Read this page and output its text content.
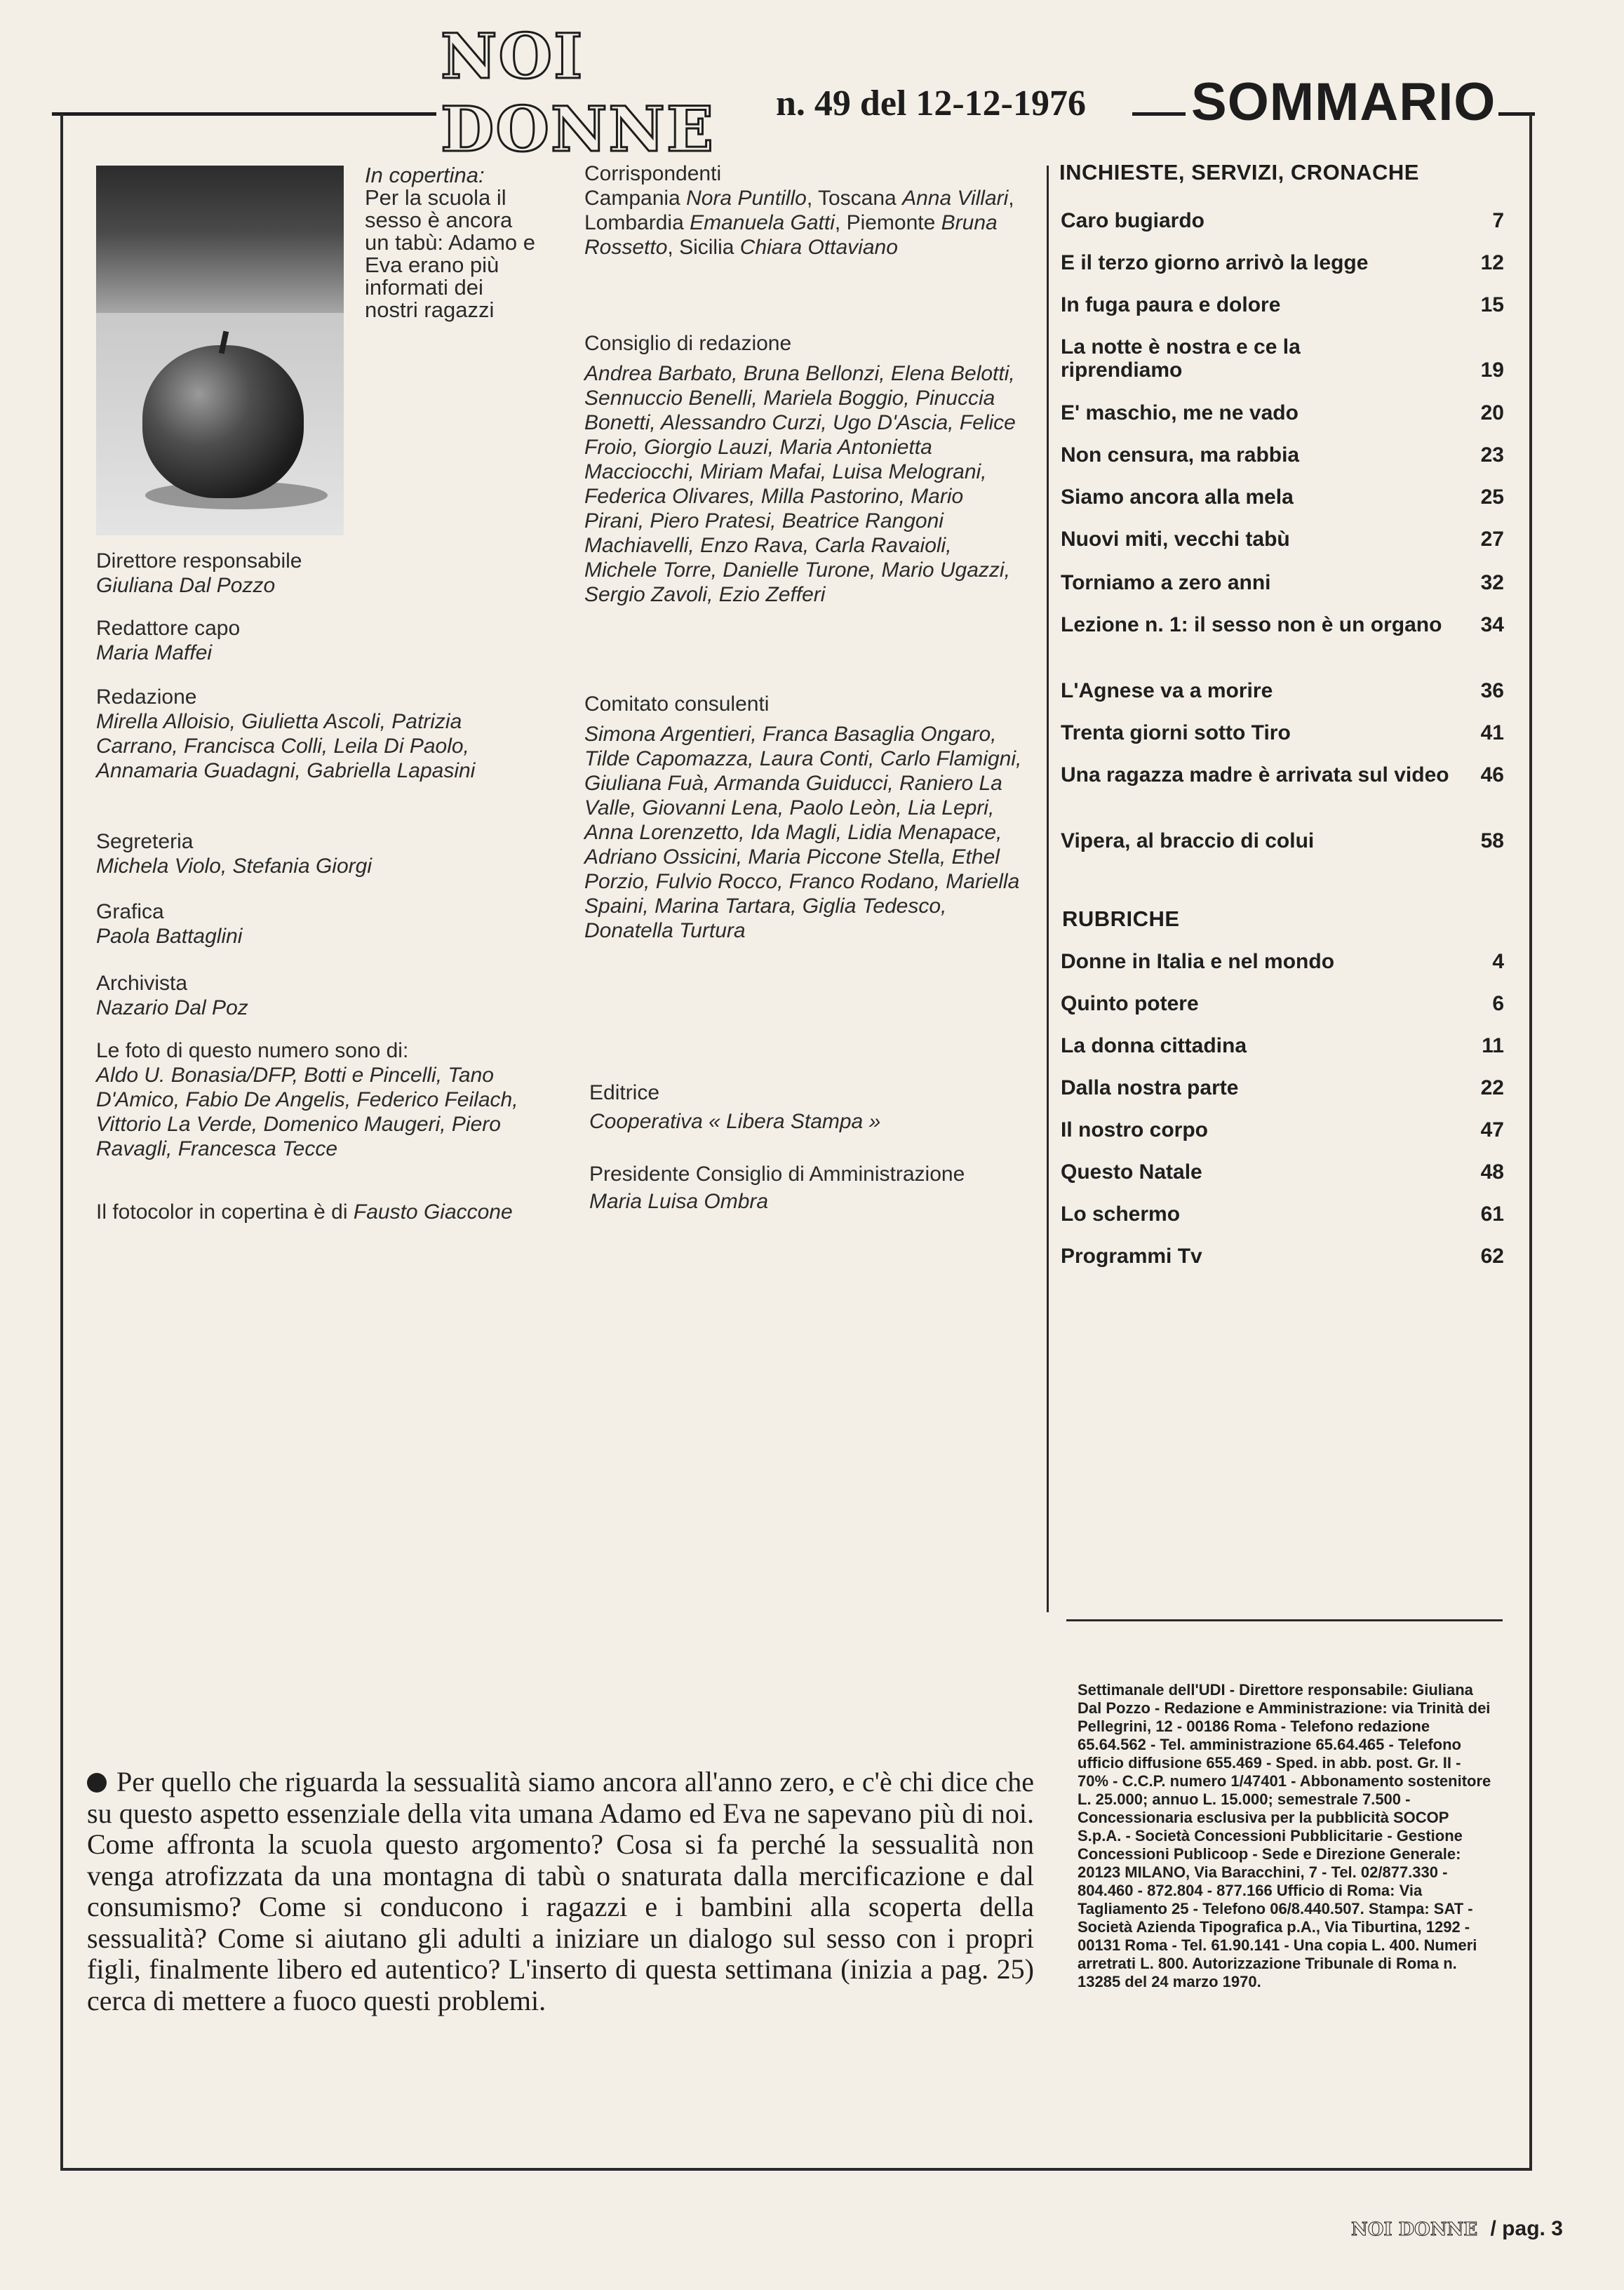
NOI DONNE	n. 49 del 12-12-1976 SOMMARIO
In copertina:
Per la scuola il sesso è ancora un tabù: Adamo e Eva erano più informati dei nostri ragazzi
Direttore responsabile
Giuliana Dal Pozzo
Redattore capo
Maria Maffei
Redazione
Mirella Alloisio, Giulietta Ascoli, Patrizia Carrano, Francisca Colli, Leila Di Paolo, Annamaria Guadagni, Gabriella Lapasini
Segreteria
Michela Violo, Stefania Giorgi
Grafica
Paola Battaglini
Archivista
Nazario Dal Poz
Le foto di questo numero sono di:
Aldo U. Bonasia/DFP, Botti e Pincelli, Tano D'Amico, Fabio De Angelis, Federico Feilach, Vittorio La Verde, Domenico Maugeri, Piero Ravagli, Francesca Tecce
Il fotocolor in copertina è di Fausto Giaccone
Corrispondenti
Campania Nora Puntillo, Toscana Anna Villari, Lombardia Emanuela Gatti, Piemonte Bruna Rossetto, Sicilia Chiara Ottaviano
Consiglio di redazione
Andrea Barbato, Bruna Bellonzi, Elena Belotti, Sennuccio Benelli, Mariela Boggio, Pinuccia Bonetti, Alessandro Curzi, Ugo D'Ascia, Felice Froio, Giorgio Lauzi, Maria Antonietta Macciocchi, Miriam Mafai, Luisa Melograni, Federica Olivares, Milla Pastorino, Mario Pirani, Piero Pratesi, Beatrice Rangoni Machiavelli, Enzo Rava, Carla Ravaioli, Michele Torre, Danielle Turone, Mario Ugazzi, Sergio Zavoli, Ezio Zefferi
Comitato consulenti
Simona Argentieri, Franca Basaglia Ongaro, Tilde Capomazza, Laura Conti, Carlo Flamigni, Giuliana Fuà, Armanda Guiducci, Raniero La Valle, Giovanni Lena, Paolo Leòn, Lia Lepri, Anna Lorenzetto, Ida Magli, Lidia Menapace, Adriano Ossicini, Maria Piccone Stella, Ethel Porzio, Fulvio Rocco, Franco Rodano, Mariella Spaini, Marina Tartara, Giglia Tedesco, Donatella Turtura
Editrice
Cooperativa « Libera Stampa »
Presidente Consiglio di Amministrazione
Maria Luisa Ombra
INCHIESTE, SERVIZI, CRONACHE
Caro bugiardo	7
E il terzo giorno arrivò la legge	12
In fuga paura e dolore	15
La notte è nostra e ce la riprendiamo	19
E' maschio, me ne vado	20
Non censura, ma rabbia	23
Siamo ancora alla mela	25
Nuovi miti, vecchi tabù	27
Torniamo a zero anni	32
Lezione n. 1: il sesso non è un organo	34
L'Agnese va a morire	36
Trenta giorni sotto Tiro	41
Una ragazza madre è arrivata sul video	46
Vipera, al braccio di colui	58
RUBRICHE
Donne in Italia e nel mondo	4
Quinto potere	6
La donna cittadina	11
Dalla nostra parte	22
Il nostro corpo	47
Questo Natale	48
Lo schermo	61
Programmi Tv	62
Settimanale dell'UDI - Direttore responsabile: Giuliana Dal Pozzo - Redazione e Amministrazione: via Trinità dei Pellegrini, 12 - 00186 Roma - Telefono redazione 65.64.562 - Tel. amministrazione 65.64.465 - Telefono ufficio diffusione 655.469 - Sped. in abb. post. Gr. II - 70% - C.C.P. numero 1/47401 - Abbonamento sostenitore L. 25.000; annuo L. 15.000; semestrale 7.500 - Concessionaria esclusiva per la pubblicità SOCOP S.p.A. - Società Concessioni Pubblicitarie - Gestione Concessioni Publicoop - Sede e Direzione Generale: 20123 MILANO, Via Baracchini, 7 - Tel. 02/877.330 - 804.460 - 872.804 - 877.166 Ufficio di Roma: Via Tagliamento 25 - Telefono 06/8.440.507. Stampa: SAT - Società Azienda Tipografica p.A., Via Tiburtina, 1292 - 00131 Roma - Tel. 61.90.141 - Una copia L. 400. Numeri arretrati L. 800. Autorizzazione Tribunale di Roma n. 13285 del 24 marzo 1970.
Per quello che riguarda la sessualità siamo ancora all'anno zero, e c'è chi dice che su questo aspetto essenziale della vita umana Adamo ed Eva ne sapevano più di noi. Come affronta la scuola questo argomento? Cosa si fa perché la sessualità non venga atrofizzata da una montagna di tabù o snaturata dalla mercificazione e dal consumismo? Come si conducono i ragazzi e i bambini alla scoperta della sessualità? Come si aiutano gli adulti a iniziare un dialogo sul sesso con i propri figli, finalmente libero ed autentico? L'inserto di questa settimana (inizia a pag. 25) cerca di mettere a fuoco questi problemi.
NOI DONNE / pag. 3
